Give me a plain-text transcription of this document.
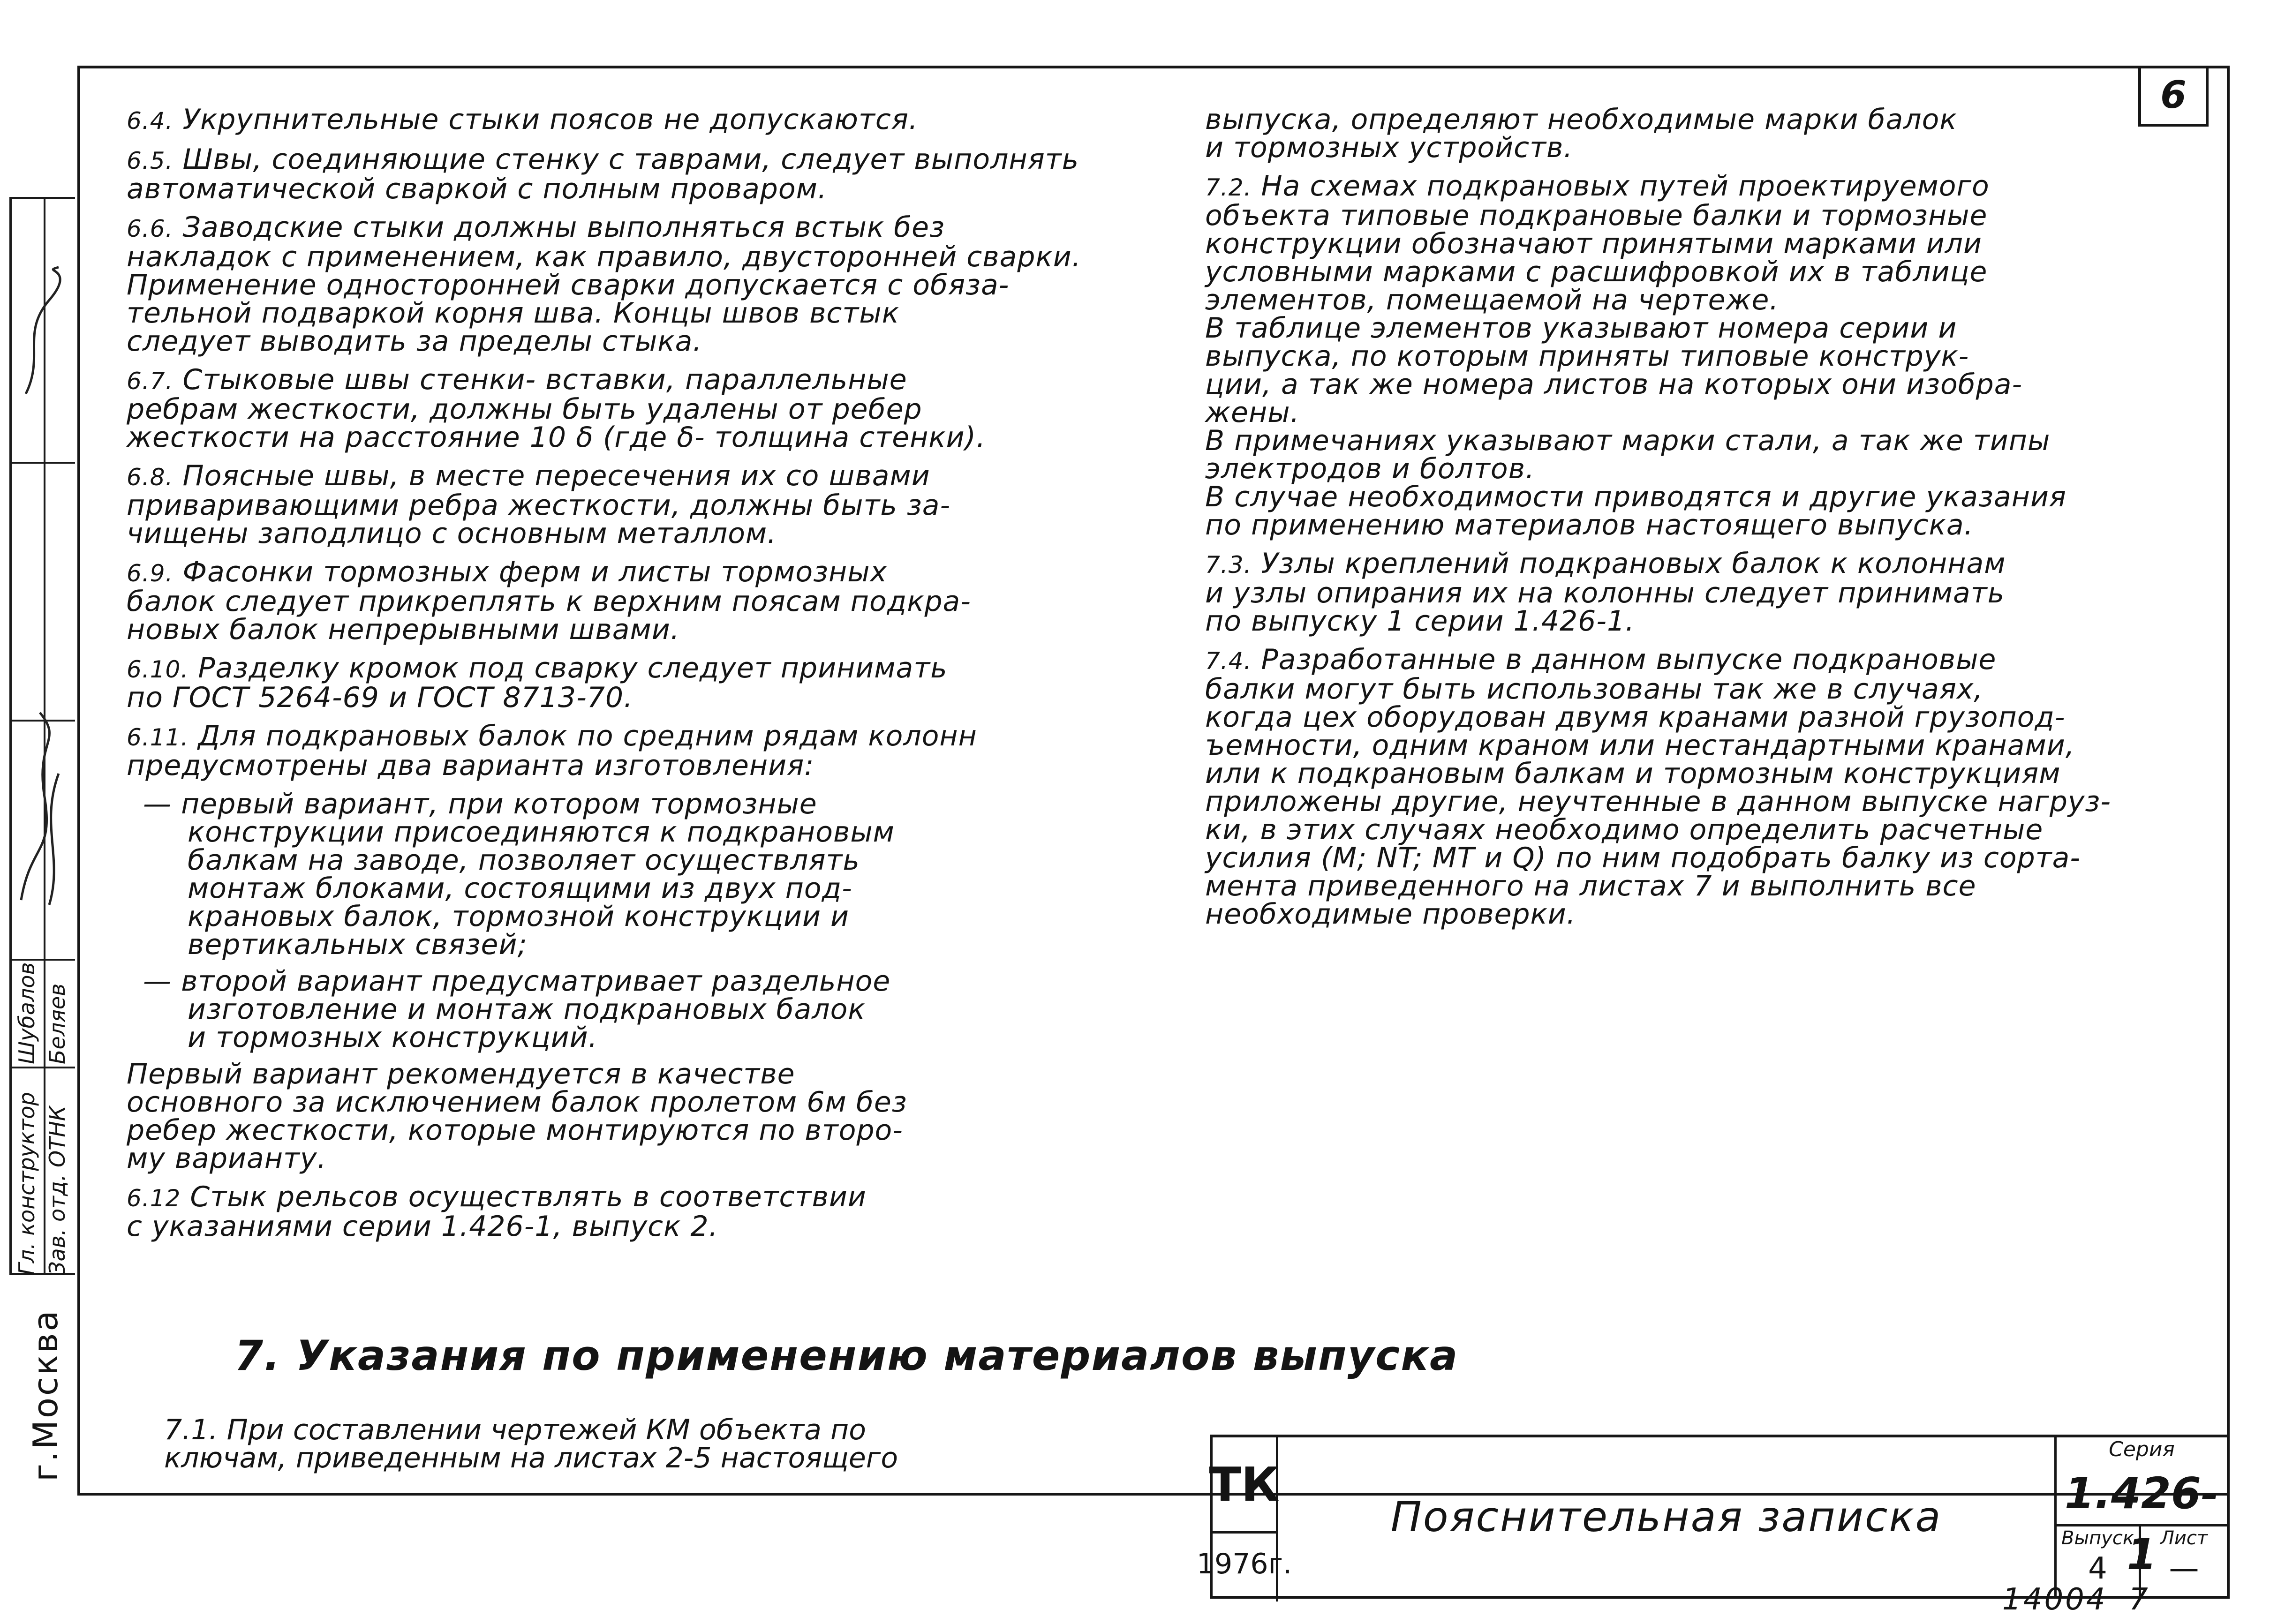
6
Гл. конструктор Зав. отд. ОТНК
Шубалов Беляев
г.Москва

6.4. Укрупнительные стыки поясов не допускаются.

6.5. Швы, соединяющие стенку с таврами, следует выполнять
автоматической сваркой с полным проваром.

6.6. Заводские стыки должны выполняться встык без
накладок с применением, как правило, двусторонней сварки.
Применение односторонней сварки допускается с обяза-
тельной подваркой корня шва. Концы швов встык
следует выводить за пределы стыка.

6.7. Стыковые швы стенки- вставки, параллельные
ребрам жесткости, должны быть удалены от ребер
жесткости на расстояние 10 δ (где δ- толщина стенки).

6.8. Поясные швы, в месте пересечения их со швами
приваривающими ребра жесткости, должны быть за-
чищены заподлицо с основным металлом.

6.9. Фасонки тормозных ферм и листы тормозных
балок следует прикреплять к верхним поясам подкра-
новых балок непрерывными швами.

6.10. Разделку кромок под сварку следует принимать
по ГОСТ 5264-69 и ГОСТ 8713-70.

6.11. Для подкрановых балок по средним рядам колонн
предусмотрены два варианта изготовления:

— первый вариант, при котором тормозные
конструкции присоединяются к подкрановым
балкам на заводе, позволяет осуществлять
монтаж блоками, состоящими из двух под-
крановых балок, тормозной конструкции и
вертикальных связей;

— второй вариант предусматривает раздельное
изготовление и монтаж подкрановых балок
и тормозных конструкций.

Первый вариант рекомендуется в качестве
основного за исключением балок пролетом 6м без
ребер жесткости, которые монтируются по второ-
му варианту.

6.12 Стык рельсов осуществлять в соответствии
с указаниями серии 1.426-1, выпуск 2.

7. Указания по применению материалов выпуска
7.1. При составлении чертежей КМ объекта по
ключам, приведенным на листах 2-5 настоящего

выпуска, определяют необходимые марки балок
и тормозных устройств.

7.2. На схемах подкрановых путей проектируемого
объекта типовые подкрановые балки и тормозные
конструкции обозначают принятыми марками или
условными марками с расшифровкой их в таблице
элементов, помещаемой на чертеже.
В таблице элементов указывают номера серии и
выпуска, по которым приняты типовые конструк-
ции, а так же номера листов на которых они изобра-
жены.
В примечаниях указывают марки стали, а так же типы
электродов и болтов.
В случае необходимости приводятся и другие указания
по применению материалов настоящего выпуска.

7.3. Узлы креплений подкрановых балок к колоннам
и узлы опирания их на колонны следует принимать
по выпуску 1 серии 1.426-1.

7.4. Разработанные в данном выпуске подкрановые
балки могут быть использованы так же в случаях,
когда цех оборудован двумя кранами разной грузопод-
ъемности, одним краном или нестандартными кранами,
или к подкрановым балкам и тормозным конструкциям
приложены другие, неучтенные в данном выпуске нагруз-
ки, в этих случаях необходимо определить расчетные
усилия (M; NT; MT и Q) по ним подобрать балку из сорта-
мента приведенного на листах 7 и выполнить все
необходимые проверки.

ТК
1976г.
Пояснительная записка
Серия
1.426-1
Выпуск
4
Лист
—
14004 7
